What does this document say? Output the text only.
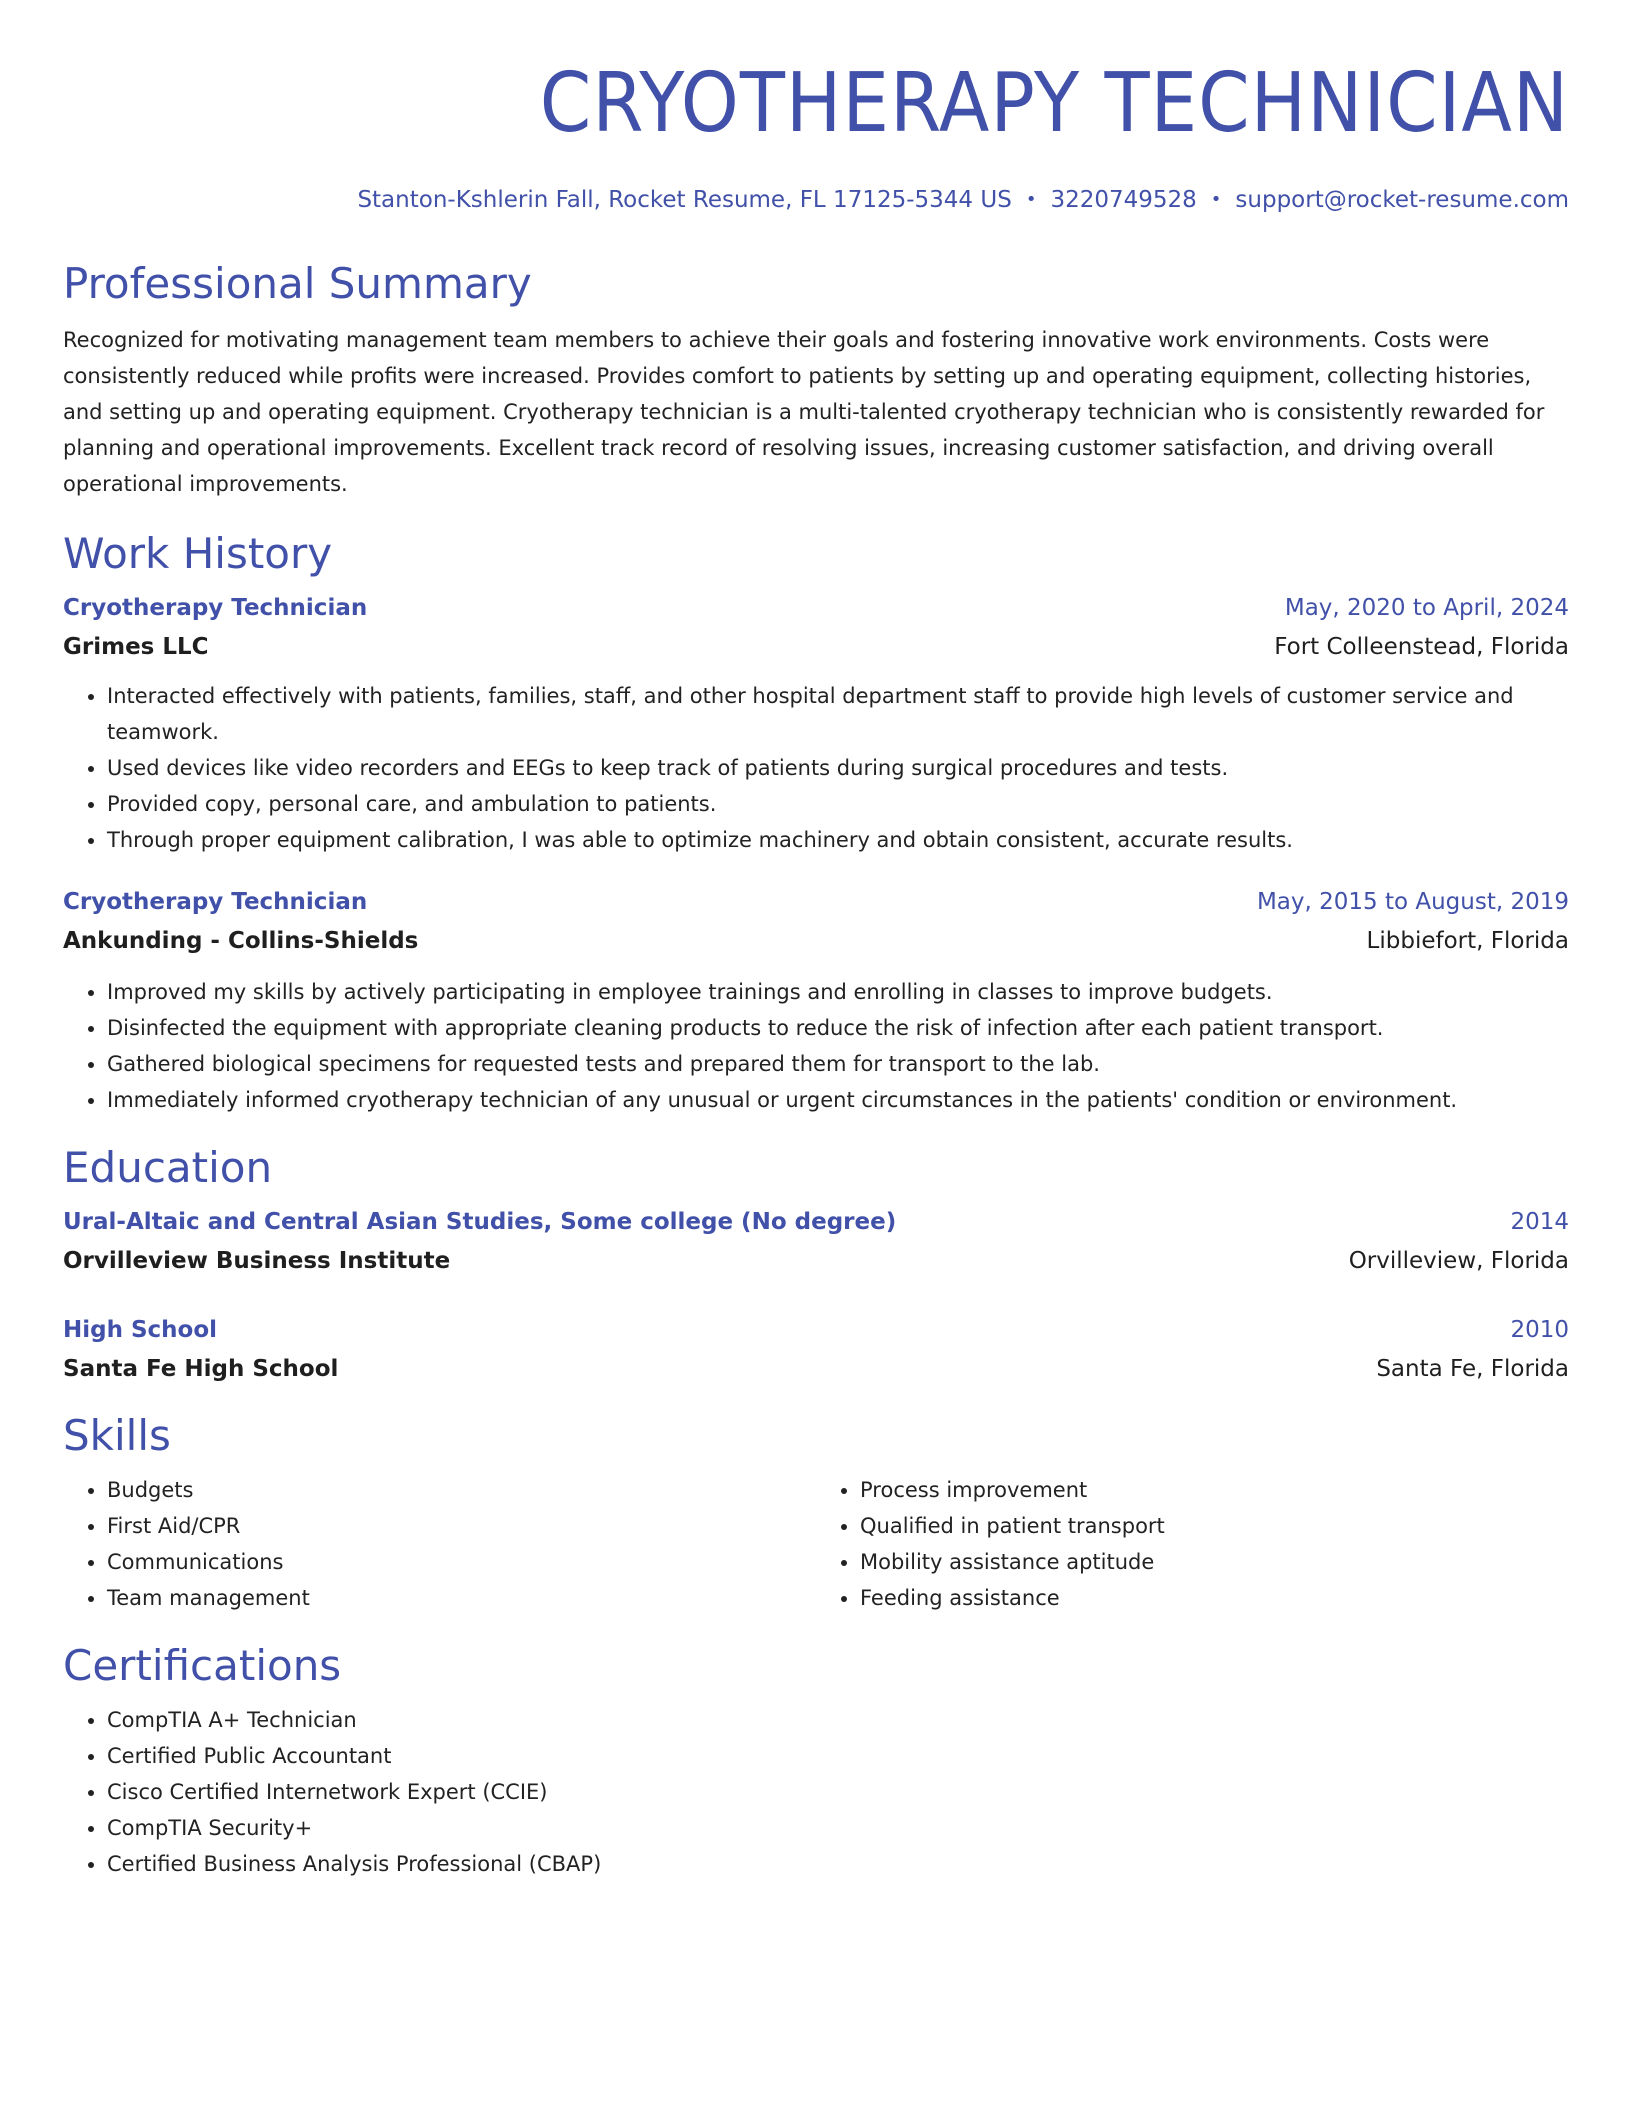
CRYOTHERAPY TECHNICIAN
Stanton-Kshlerin Fall, Rocket Resume, FL 17125-5344 US • 3220749528 • support@rocket-resume.com
Professional Summary
Recognized for motivating management team members to achieve their goals and fostering innovative work environments. Costs were consistently reduced while profits were increased. Provides comfort to patients by setting up and operating equipment, collecting histories, and setting up and operating equipment. Cryotherapy technician is a multi-talented cryotherapy technician who is consistently rewarded for planning and operational improvements. Excellent track record of resolving issues, increasing customer satisfaction, and driving overall operational improvements.
Work History
Cryotherapy Technician	May, 2020 to April, 2024
Grimes LLC	Fort Colleenstead, Florida
• Interacted effectively with patients, families, staff, and other hospital department staff to provide high levels of customer service and teamwork.
• Used devices like video recorders and EEGs to keep track of patients during surgical procedures and tests.
• Provided copy, personal care, and ambulation to patients.
• Through proper equipment calibration, I was able to optimize machinery and obtain consistent, accurate results.
Cryotherapy Technician	May, 2015 to August, 2019
Ankunding - Collins-Shields	Libbiefort, Florida
• Improved my skills by actively participating in employee trainings and enrolling in classes to improve budgets.
• Disinfected the equipment with appropriate cleaning products to reduce the risk of infection after each patient transport.
• Gathered biological specimens for requested tests and prepared them for transport to the lab.
• Immediately informed cryotherapy technician of any unusual or urgent circumstances in the patients' condition or environment.
Education
Ural-Altaic and Central Asian Studies, Some college (No degree)	2014
Orvilleview Business Institute	Orvilleview, Florida
High School	2010
Santa Fe High School	Santa Fe, Florida
Skills
• Budgets
• First Aid/CPR
• Communications
• Team management
• Process improvement
• Qualified in patient transport
• Mobility assistance aptitude
• Feeding assistance
Certifications
• CompTIA A+ Technician
• Certified Public Accountant
• Cisco Certified Internetwork Expert (CCIE)
• CompTIA Security+
• Certified Business Analysis Professional (CBAP)
